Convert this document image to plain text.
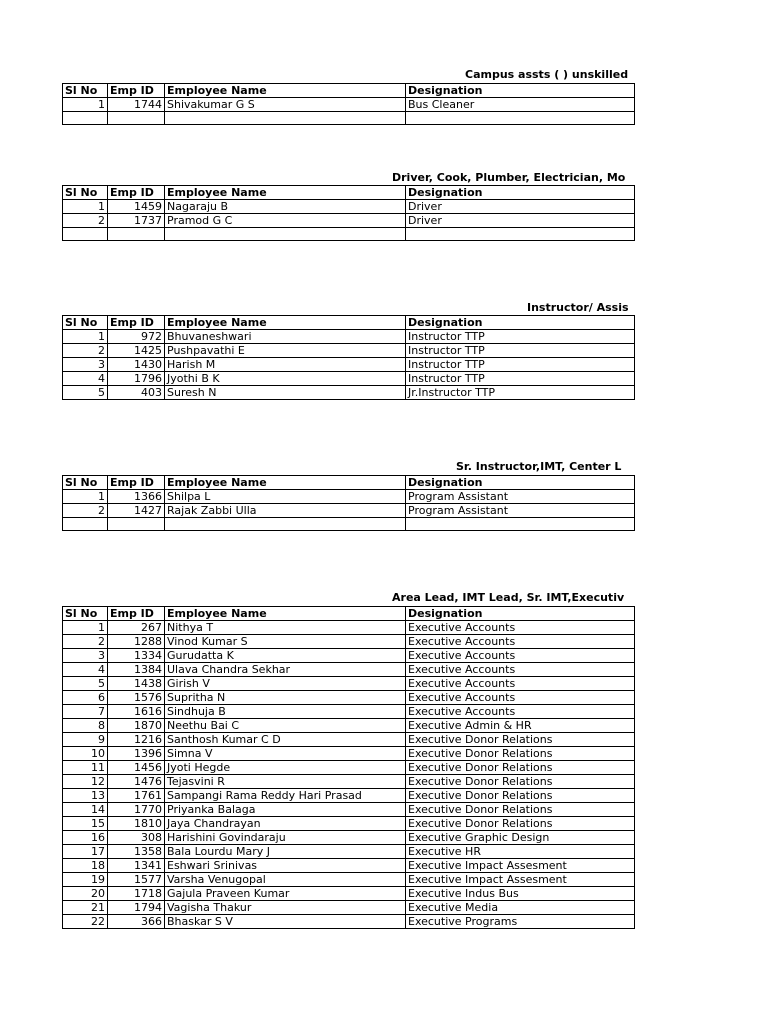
Campus assts ( ) unskilled
Sl No	Emp ID	Employee Name	Designation
1	1744	Shivakumar G S	Bus Cleaner

Driver, Cook, Plumber, Electrician, Mo
Sl No	Emp ID	Employee Name	Designation
1	1459	Nagaraju B	Driver
2	1737	Pramod G C	Driver

Instructor/ Assis
Sl No	Emp ID	Employee Name	Designation
1	972	Bhuvaneshwari	Instructor TTP
2	1425	Pushpavathi E	Instructor TTP
3	1430	Harish M	Instructor TTP
4	1796	Jyothi B K	Instructor TTP
5	403	Suresh N	Jr.Instructor TTP
Sr. Instructor,IMT, Center L
Sl No	Emp ID	Employee Name	Designation
1	1366	Shilpa L	Program Assistant
2	1427	Rajak Zabbi Ulla	Program Assistant

Area Lead, IMT Lead, Sr. IMT,Executiv
Sl No	Emp ID	Employee Name	Designation
1	267	Nithya T	Executive Accounts
2	1288	Vinod Kumar S	Executive Accounts
3	1334	Gurudatta K	Executive Accounts
4	1384	Ulava Chandra Sekhar	Executive Accounts
5	1438	Girish V	Executive Accounts
6	1576	Supritha N	Executive Accounts
7	1616	Sindhuja B	Executive Accounts
8	1870	Neethu Bai C	Executive Admin & HR
9	1216	Santhosh Kumar C D	Executive Donor Relations
10	1396	Simna V	Executive Donor Relations
11	1456	Jyoti Hegde	Executive Donor Relations
12	1476	Tejasvini R	Executive Donor Relations
13	1761	Sampangi Rama Reddy Hari Prasad	Executive Donor Relations
14	1770	Priyanka Balaga	Executive Donor Relations
15	1810	Jaya Chandrayan	Executive Donor Relations
16	308	Harishini Govindaraju	Executive Graphic Design
17	1358	Bala Lourdu Mary J	Executive HR
18	1341	Eshwari Srinivas	Executive Impact Assesment
19	1577	Varsha Venugopal	Executive Impact Assesment
20	1718	Gajula Praveen Kumar	Executive Indus Bus
21	1794	Vagisha Thakur	Executive Media
22	366	Bhaskar S V	Executive Programs
